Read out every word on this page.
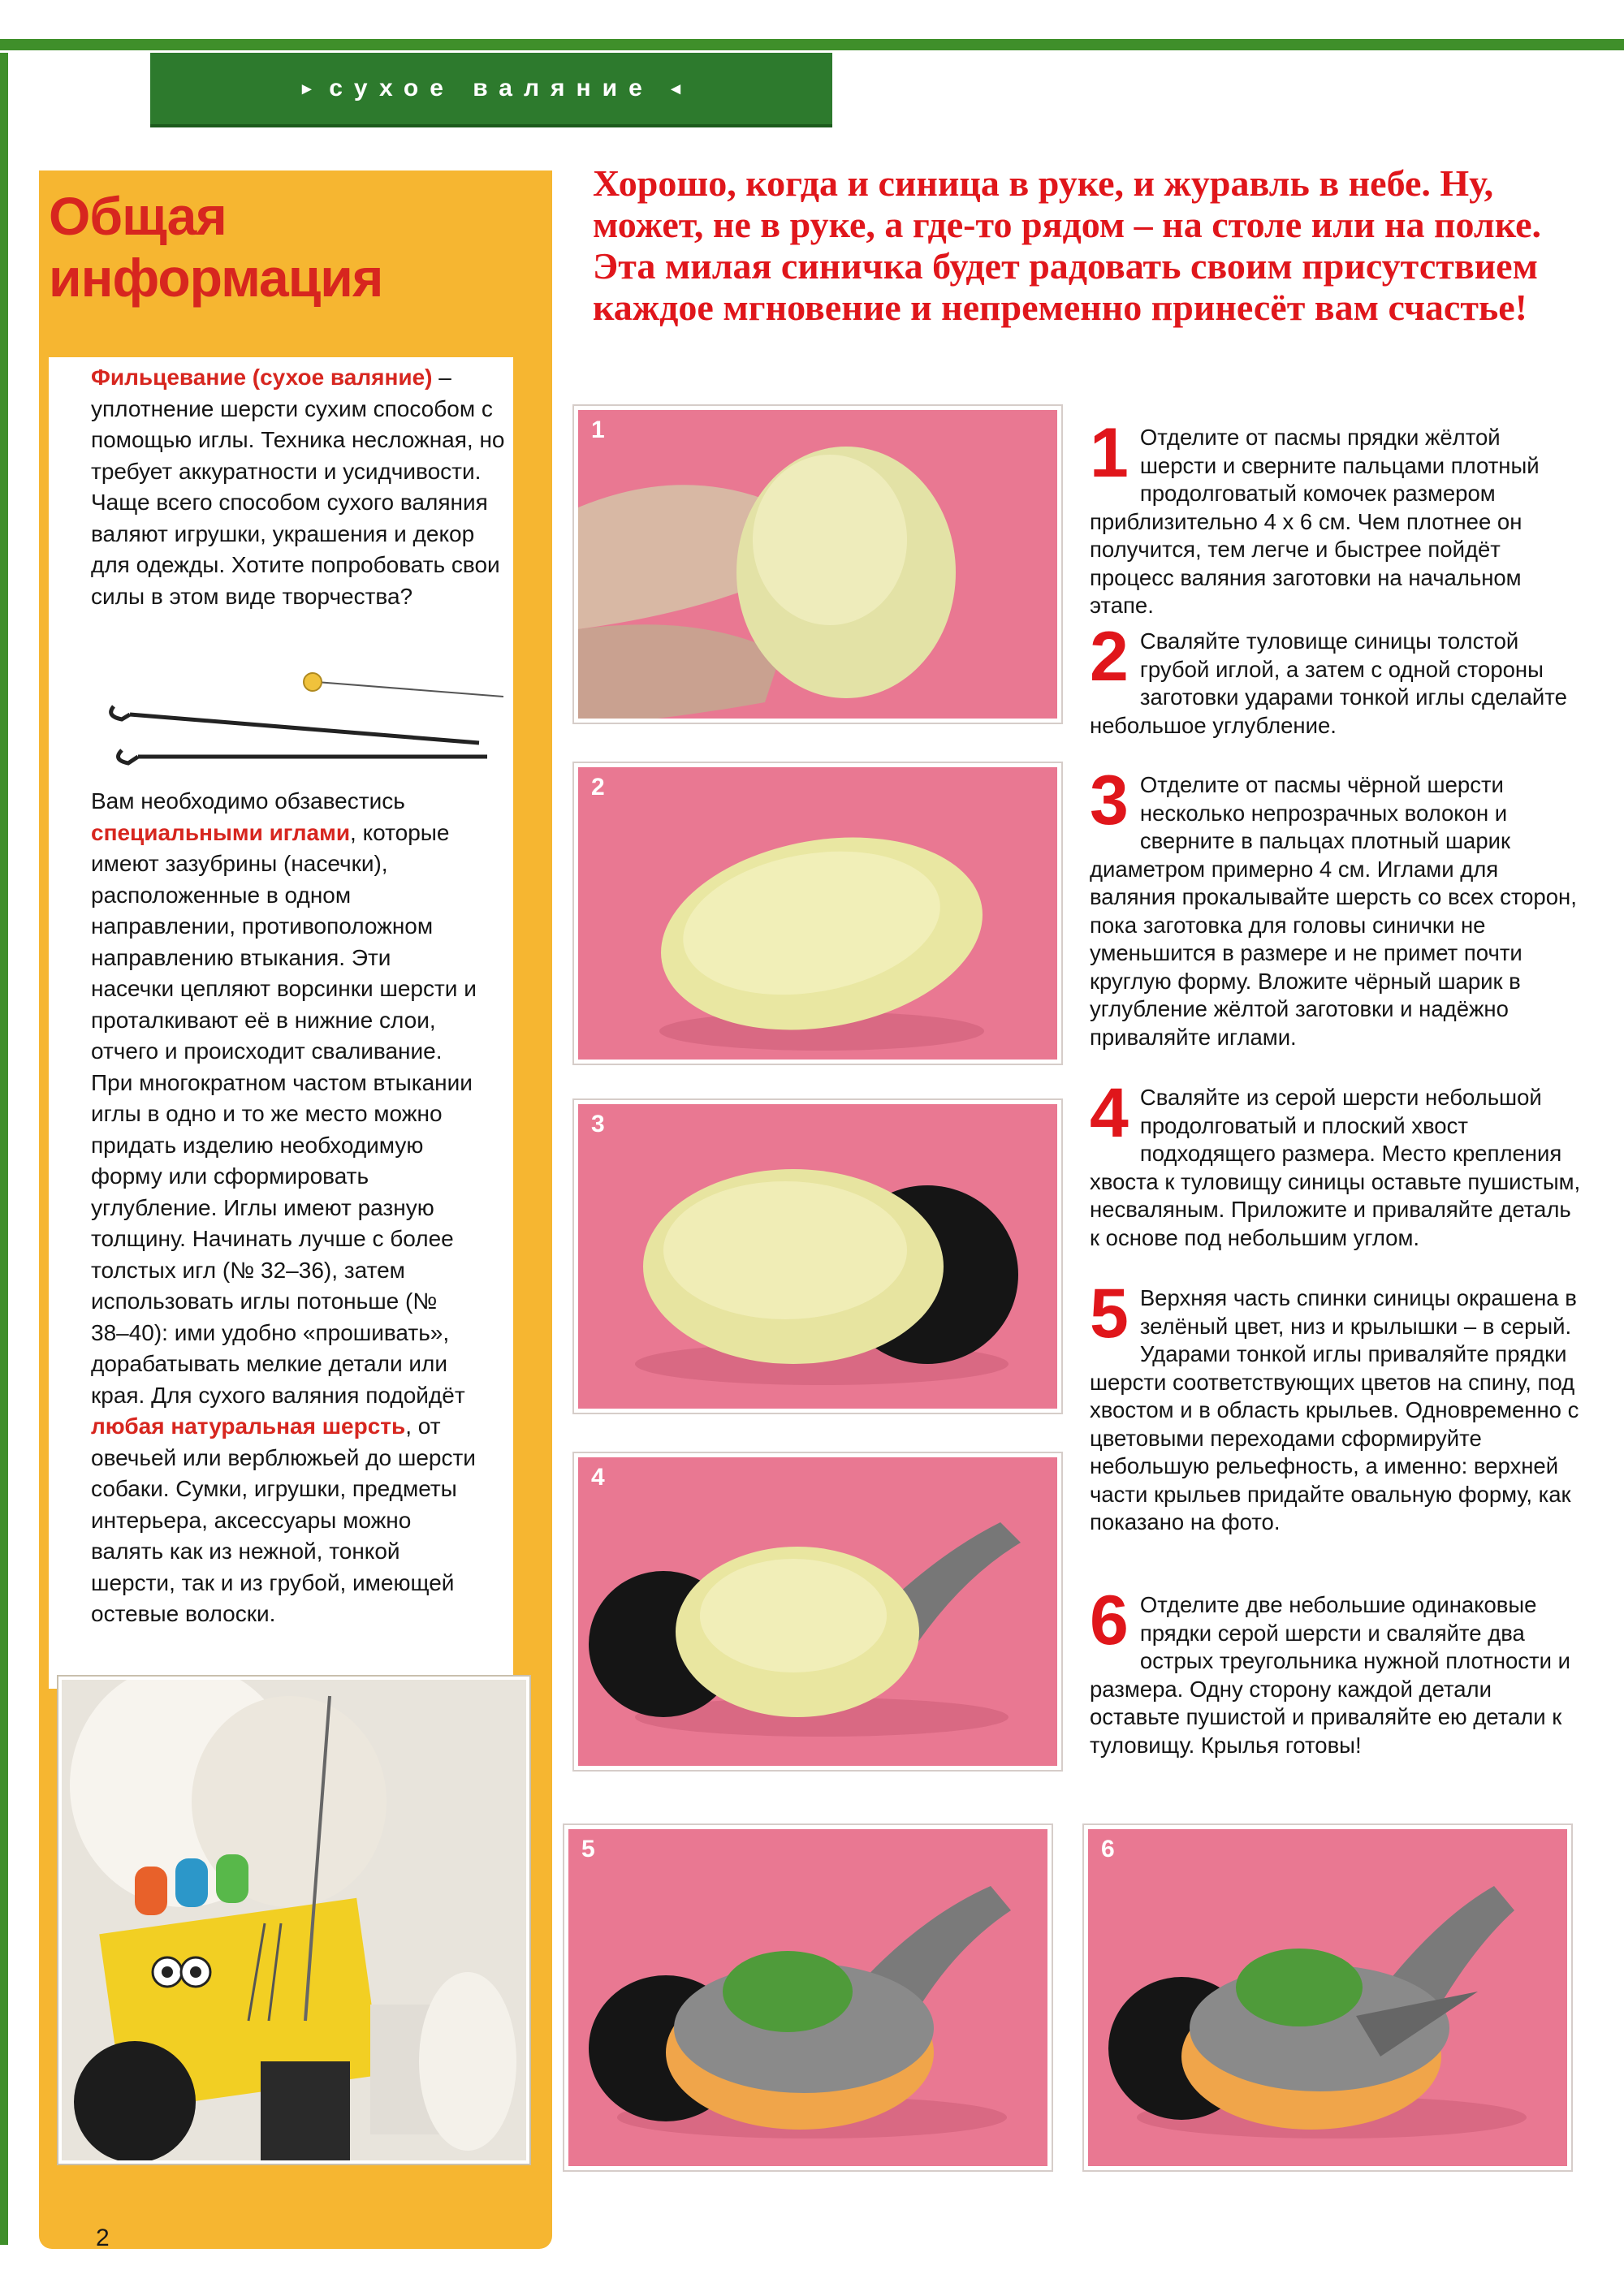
▸ сухое валяние ◂
Общая
информация
Фильцевание (сухое валяние) – уплотнение шерсти сухим способом с помощью иглы. Техника несложная, но требует аккуратности и усидчивости. Чаще всего способом сухого валяния валяют игрушки, украшения и декор для одежды. Хотите попробовать свои силы в этом виде творчества?
Вам необходимо обзавестись специальными иглами, которые имеют зазубрины (насечки), расположенные в одном направлении, противоположном направлению втыкания. Эти насечки цепляют ворсинки шерсти и проталкивают её в нижние слои, отчего и происходит свaливание. При многократном частом втыкании иглы в одно и то же место можно придать изделию необходимую форму или сформировать углубление. Иглы имеют разную толщину. Начинать лучше с более толстых игл (№ 32–36), затем использовать иглы потоньше (№ 38–40): ими удобно «прошивать», дорабатывать мелкие детали или края. Для сухого валяния подойдёт любая натуральная шерсть, от овечьей или верблюжьей до шерсти собаки. Сумки, игрушки, предметы интерьера, аксессуары можно валять как из нежной, тонкой шерсти, так и из грубой, имеющей остевые волоски.
2
Хорошо, когда и синица в руке, и журавль в небе. Ну, может, не в руке, а где-то рядом – на столе или на полке. Эта милая синичка будет радовать своим присутствием каждое мгновение и непременно принесёт вам счастье!
1
2
3
4
5	6
1 Отделите от пасмы прядки жёлтой шерсти и сверните пальцами плотный продолговатый комочек размером приблизительно 4 х 6 см. Чем плотнее он получится, тем легче и быстрее пойдёт процесс валяния заготовки на начальном этапе.
2 Сваляйте туловище синицы толстой грубой иглой, а затем с одной стороны заготовки ударами тонкой иглы сделайте небольшое углубление.
3 Отделите от пасмы чёрной шерсти несколько непрозрачных волокон и сверните в пальцах плотный шарик диаметром примерно 4 см. Иглами для валяния прокалывайте шерсть со всех сторон, пока заготовка для головы синички не уменьшится в размере и не примет почти круглую форму. Вложите чёрный шарик в углубление жёлтой заготовки и надёжно приваляйте иглами.
4 Сваляйте из серой шерсти небольшой продолговатый и плоский хвост подходящего размера. Место крепления хвоста к туловищу синицы оставьте пушистым, несваляным. Приложите и приваляйте деталь к основе под небольшим углом.
5 Верхняя часть спинки синицы окрашена в зелёный цвет, низ и крылышки – в серый. Ударами тонкой иглы приваляйте прядки шерсти соответствующих цветов на спину, под хвостом и в область крыльев. Одновременно с цветовыми переходами сформируйте небольшую рельефность, а именно: верхней части крыльев придайте овальную форму, как показано на фото.
6 Отделите две небольшие одинаковые прядки серой шерсти и сваляйте два острых треугольника нужной плотности и размера. Одну сторону каждой детали оставьте пушистой и приваляйте ею детали к туловищу. Крылья готовы!
